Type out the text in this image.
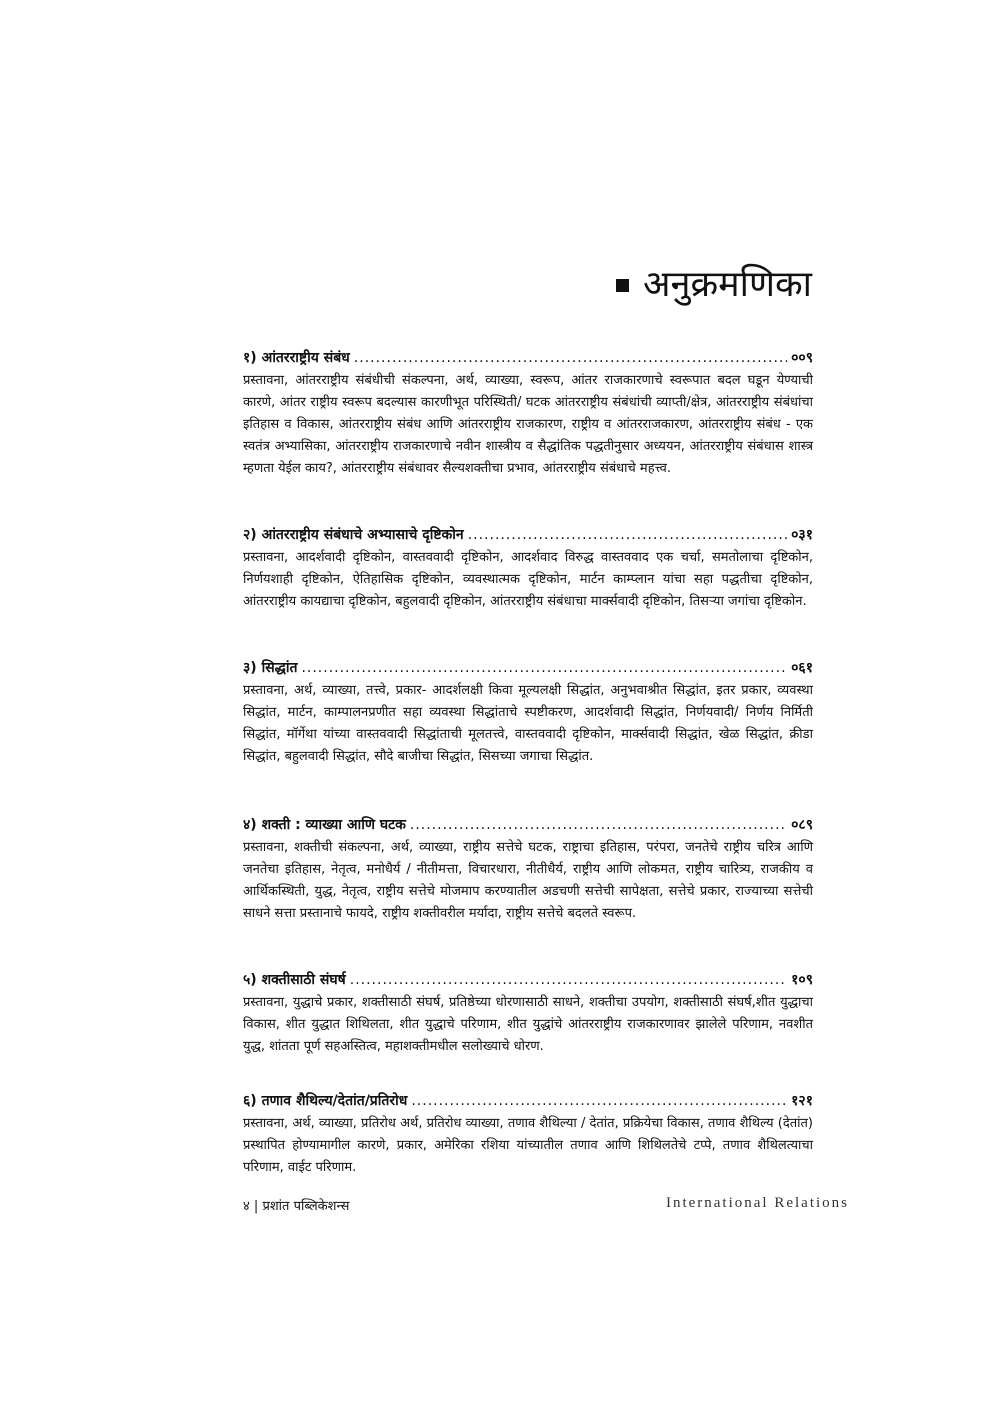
अनुक्रमणिका
१)
आंतरराष्ट्रीय संबंध .....	००९
प्रस्तावना, आंतरराष्ट्रीय संबंधीची संकल्पना, अर्थ, व्याख्या, स्वरूप, आंतर राजकारणाचे स्वरूपात बदल घडून येण्याची कारणे, आंतर राष्ट्रीय स्वरूप बदल्यास कारणीभूत परिस्थिती/ घटक आंतरराष्ट्रीय संबंधांची व्याप्ती/क्षेत्र, आंतरराष्ट्रीय संबंधांचा इतिहास व विकास, आंतरराष्ट्रीय संबंध आणि आंतरराष्ट्रीय राजकारण, राष्ट्रीय व आंतरराजकारण, आंतरराष्ट्रीय संबंध - एक स्वतंत्र अभ्यासिका, आंतरराष्ट्रीय राजकारणाचे नवीन शास्त्रीय व सैद्धांतिक पद्धतीनुसार अध्ययन, आंतरराष्ट्रीय संबंधास शास्त्र म्हणता येईल काय?, आंतरराष्ट्रीय संबंधावर सैल्यशक्तीचा प्रभाव, आंतरराष्ट्रीय संबंधाचे महत्त्व.
२)
आंतरराष्ट्रीय संबंधाचे अभ्यासाचे दृष्टिकोन .....	०३१
प्रस्तावना, आदर्शवादी दृष्टिकोन, वास्तववादी दृष्टिकोन, आदर्शवाद विरुद्ध वास्तववाद एक चर्चा, समतोलाचा दृष्टिकोन, निर्णयशाही दृष्टिकोन, ऐतिहासिक दृष्टिकोन, व्यवस्थात्मक दृष्टिकोन, मार्टन काम्प्लान यांचा सहा पद्धतीचा दृष्टिकोन, आंतरराष्ट्रीय कायद्याचा दृष्टिकोन, बहुलवादी दृष्टिकोन, आंतरराष्ट्रीय संबंधाचा मार्क्सवादी दृष्टिकोन, तिसऱ्या जगांचा दृष्टिकोन.
३)
सिद्धांत .....	०६१
प्रस्तावना, अर्थ, व्याख्या, तत्त्वे, प्रकार- आदर्शलक्षी किवा मूल्यलक्षी सिद्धांत, अनुभवाश्रीत सिद्धांत, इतर प्रकार, व्यवस्था सिद्धांत, मार्टन, काम्पालनप्रणीत सहा व्यवस्था सिद्धांताचे स्पष्टीकरण, आदर्शवादी सिद्धांत, निर्णयवादी/ निर्णय निर्मिती सिद्धांत, मॉर्गेथा यांच्या वास्तववादी सिद्धांताची मूलतत्त्वे, वास्तववादी दृष्टिकोन, मार्क्सवादी सिद्धांत, खेळ सिद्धांत, क्रीडा सिद्धांत, बहुलवादी सिद्धांत, सौदे बाजीचा सिद्धांत, सिसच्या जगाचा सिद्धांत.
४)
शक्ती : व्याख्या आणि घटक .....	०८९
प्रस्तावना, शक्तीची संकल्पना, अर्थ, व्याख्या, राष्ट्रीय सत्तेचे घटक, राष्ट्राचा इतिहास, परंपरा, जनतेचे राष्ट्रीय चरित्र आणि जनतेचा इतिहास, नेतृत्व, मनोधैर्य / नीतीमत्ता, विचारधारा, नीतीधैर्य, राष्ट्रीय आणि लोकमत, राष्ट्रीय चारित्र्य, राजकीय व आर्थिकस्थिती, युद्ध, नेतृत्व, राष्ट्रीय सत्तेचे मोजमाप करण्यातील अडचणी सत्तेची सापेक्षता, सत्तेचे प्रकार, राज्याच्या सत्तेची साधने सत्ता प्रस्तानाचे फायदे, राष्ट्रीय शक्तीवरील मर्यादा, राष्ट्रीय सत्तेचे बदलते स्वरूप.
५)
शक्तीसाठी संघर्ष .....	१०९
प्रस्तावना, युद्धाचे प्रकार, शक्तीसाठी संघर्ष, प्रतिष्ठेच्या धोरणासाठी साधने, शक्तीचा उपयोग, शक्तीसाठी संघर्ष,शीत युद्धाचा विकास, शीत युद्धात शिथिलता, शीत युद्धाचे परिणाम, शीत युद्धांचे आंतरराष्ट्रीय राजकारणावर झालेले परिणाम, नवशीत युद्ध, शांतता पूर्ण सहअस्तित्व, महाशक्तीमधील सलोख्याचे धोरण.
६)
तणाव शैथिल्य/देतांत/प्रतिरोध .....	१२१
प्रस्तावना, अर्थ, व्याख्या, प्रतिरोध अर्थ, प्रतिरोध व्याख्या, तणाव शैथिल्या / देतांत, प्रक्रियेचा विकास, तणाव शैथिल्य (देतांत) प्रस्थापित होण्यामागील कारणे, प्रकार, अमेरिका रशिया यांच्यातील तणाव आणि शिथिलतेचे टप्पे, तणाव शैथिलत्याचा परिणाम, वाईट परिणाम.
४ | प्रशांत पब्लिकेशन्स	International Relations
